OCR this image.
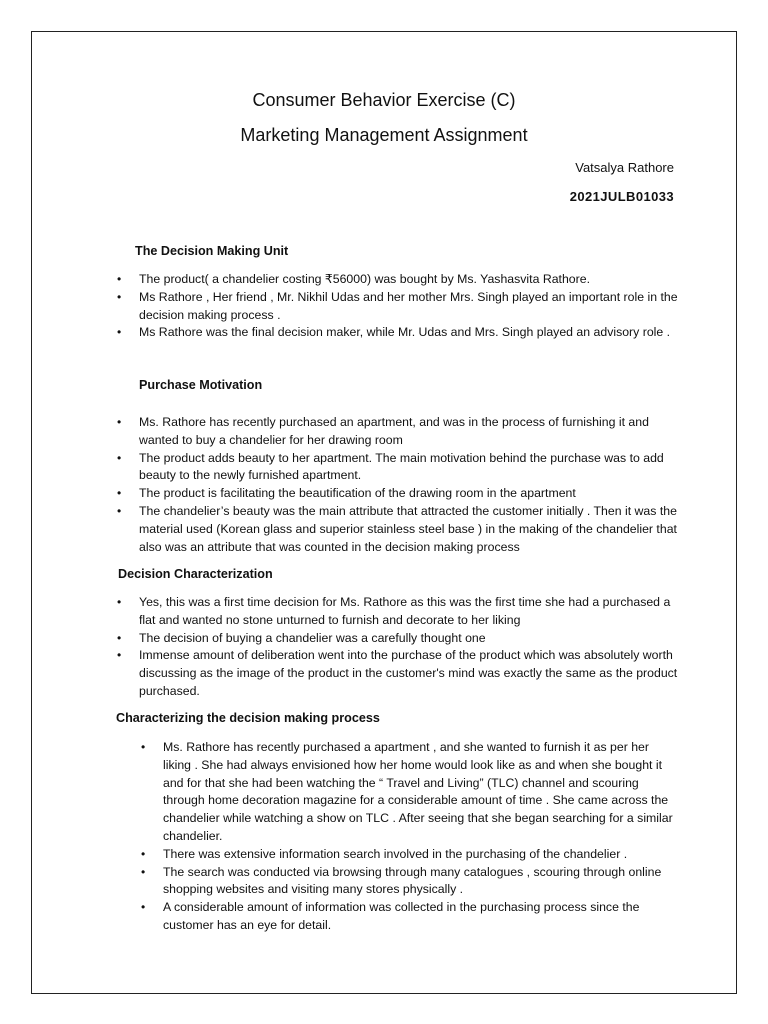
Consumer Behavior Exercise (C)
Marketing Management Assignment
Vatsalya Rathore
2021JULB01033
The Decision Making Unit
• The product( a chandelier costing ₹56000) was bought by Ms. Yashasvita Rathore.
• Ms Rathore , Her friend , Mr. Nikhil Udas and her mother Mrs. Singh played an important role in the decision making process .
• Ms Rathore was the final decision maker, while Mr. Udas and Mrs. Singh played an advisory role .
Purchase Motivation
• Ms. Rathore has recently purchased an apartment, and was in the process of furnishing it and wanted to buy a chandelier for her drawing room
• The product adds beauty to her apartment. The main motivation behind the purchase was to add beauty to the newly furnished apartment.
• The product is facilitating the beautification of the drawing room in the apartment
• The chandelier’s beauty was the main attribute that attracted the customer initially . Then it was the material used (Korean glass and superior stainless steel base ) in the making of the chandelier that also was an attribute that was counted in the decision making process
Decision Characterization
• Yes, this was a first time decision for Ms. Rathore as this was the first time she had a purchased a flat and wanted no stone unturned to furnish and decorate to her liking
• The decision of buying a chandelier was a carefully thought one
• Immense amount of deliberation went into the purchase of the product which was absolutely worth discussing as the image of the product in the customer's mind was exactly the same as the product purchased.
Characterizing the decision making process
• Ms. Rathore has recently purchased a apartment , and she wanted to furnish it as per her liking . She had always envisioned how her home would look like as and when she bought it and for that she had been watching the “ Travel and Living” (TLC) channel and scouring through home decoration magazine for a considerable amount of time . She came across the chandelier while watching a show on TLC . After seeing that she began searching for a similar chandelier.
• There was extensive information search involved in the purchasing of the chandelier .
• The search was conducted via browsing through many catalogues , scouring through online shopping websites and visiting many stores physically .
• A considerable amount of information was collected in the purchasing process since the customer has an eye for detail.
